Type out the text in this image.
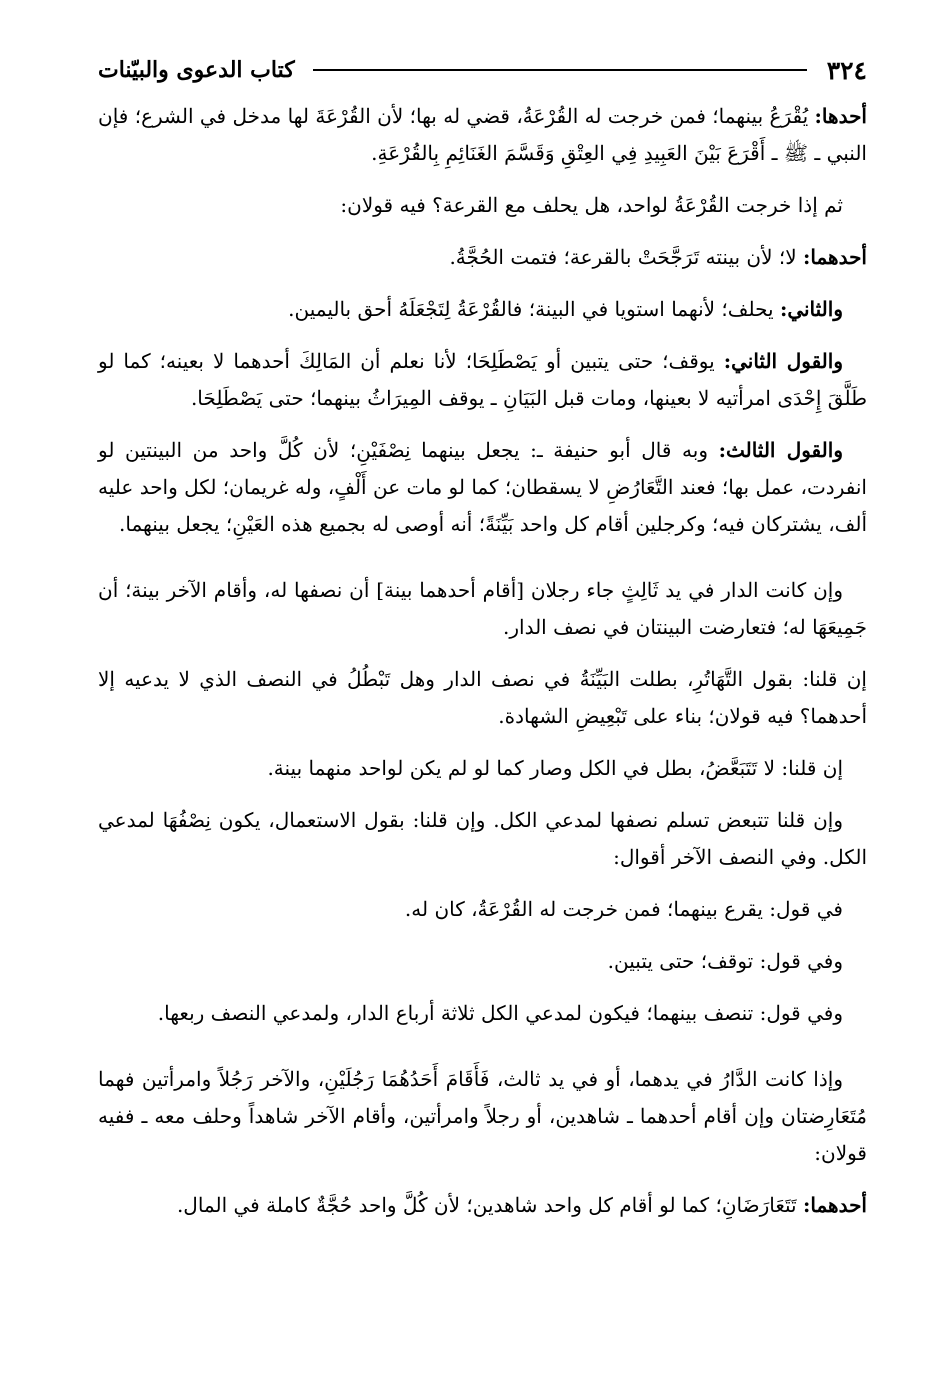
٣٢٤
كتاب الدعوى والبيّنات

أحدها: يُقْرَعُ بينهما؛ فمن خرجت له القُرْعَةُ، قضي له بها؛ لأن القُرْعَةَ لها مدخل في الشرع؛ فإن النبي ـ ﷺ ـ أَقْرَعَ بَيْنَ العَبِيدِ فِي العِتْقِ وَقَسَّمَ الغَنَائِمِ بِالقُرْعَةِ.

ثم إذا خرجت القُرْعَةُ لواحد، هل يحلف مع القرعة؟ فيه قولان:

أحدهما: لا؛ لأن بينته تَرَجَّحَتْ بالقرعة؛ فتمت الحُجَّةُ.

والثاني: يحلف؛ لأنهما استويا في البينة؛ فالقُرْعَةُ لِتَجْعَلَهُ أحق باليمين.

والقول الثاني: يوقف؛ حتى يتبين أو يَصْطَلِحَا؛ لأنا نعلم أن المَالِكَ أحدهما لا بعينه؛ كما لو طَلَّقَ إِحْدَى امرأتيه لا بعينها، ومات قبل البَيَانِ ـ يوقف المِيرَاثُ بينهما؛ حتى يَصْطَلِحَا.

والقول الثالث: وبه قال أبو حنيفة ـ: يجعل بينهما نِصْفَيْنِ؛ لأن كُلَّ واحد من البينتين لو انفردت، عمل بها؛ فعند التَّعَارُضِ لا يسقطان؛ كما لو مات عن أَلْفٍ، وله غريمان؛ لكل واحد عليه ألف، يشتركان فيه؛ وكرجلين أقام كل واحد بَيِّنَةً؛ أنه أوصى له بجميع هذه العَيْنِ؛ يجعل بينهما.

وإن كانت الدار في يد ثَالِثٍ جاء رجلان [أقام أحدهما بينة] أن نصفها له، وأقام الآخر بينة؛ أن جَمِيعَهَا له؛ فتعارضت البينتان في نصف الدار.

إن قلنا: بقول التَّهَاتُرِ، بطلت البَيِّنَةُ في نصف الدار وهل تَبْطُلُ في النصف الذي لا يدعيه إلا أحدهما؟ فيه قولان؛ بناء على تَبْعِيضِ الشهادة.

إن قلنا: لا تَتَبَعَّضُ، بطل في الكل وصار كما لو لم يكن لواحد منهما بينة.

وإن قلنا تتبعض تسلم نصفها لمدعي الكل. وإن قلنا: بقول الاستعمال، يكون نِصْفُهَا لمدعي الكل. وفي النصف الآخر أقوال:

في قول: يقرع بينهما؛ فمن خرجت له القُرْعَةُ، كان له.

وفي قول: توقف؛ حتى يتبين.

وفي قول: تنصف بينهما؛ فيكون لمدعي الكل ثلاثة أرباع الدار، ولمدعي النصف ربعها.

وإذا كانت الدَّارُ في يدهما، أو في يد ثالث، فَأَقَامَ أَحَدُهُمَا رَجُلَيْنِ، والآخر رَجُلاً وامرأتين فهما مُتَعَارِضتان وإن أقام أحدهما ـ شاهدين، أو رجلاً وامرأتين، وأقام الآخر شاهداً وحلف معه ـ ففيه قولان:

أحدهما: تَتَعَارَضَانِ؛ كما لو أقام كل واحد شاهدين؛ لأن كُلَّ واحد حُجَّةٌ كاملة في المال.
